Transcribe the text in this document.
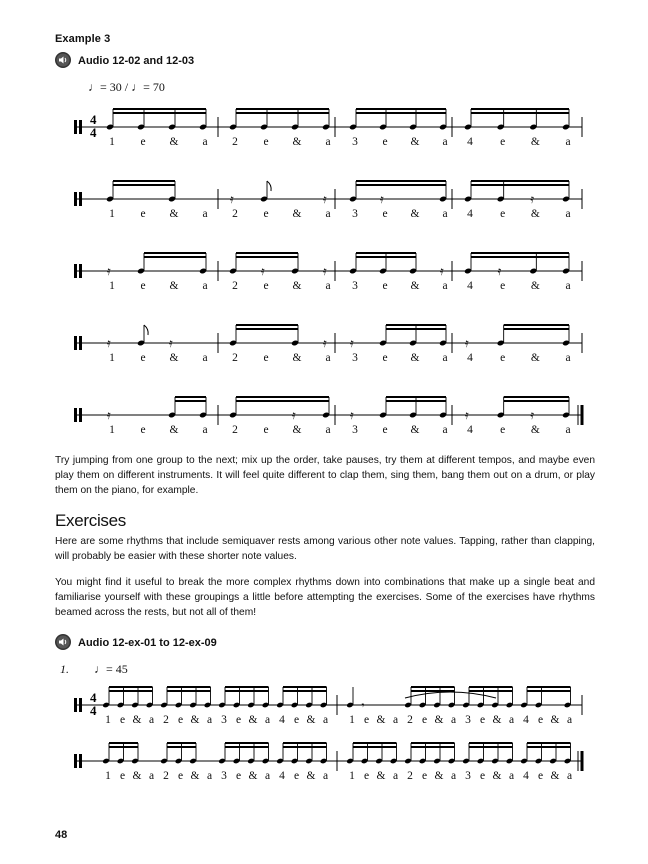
Example 3
Audio 12-02 and 12-03
♩= 30 / ♩= 70
4
4
1 e & a 2 e & a 3 e & a 4 e & a
𝄿	𝄿	𝄿	𝄿
1 e & a 2 e & a 3 e & a 4 e & a
𝄿	𝄿	𝄿	𝄿	𝄿
1 e & a 2 e & a 3 e & a 4 e & a
𝄿	𝄿	𝄿 𝄿	𝄿
1 e & a 2 e & a 3 e & a 4 e & a
𝄿	𝄿	𝄿	𝄿	𝄿
1 e & a 2 e & a 3 e & a 4 e & a
4
4	𝄾
1 e & a 2 e & a 3 e & a 4 e & a 1 e & a 2 e & a 3 e & a 4 e & a
1 e & a 2 e & a 3 e & a 4 e & a 1 e & a 2 e & a 3 e & a 4 e & a
Try jumping from one group to the next; mix up the order, take pauses, try them at different tempos, and maybe even play them on different instruments. It will feel quite different to clap them, sing them, bang them out on a drum, or play them on the piano, for example.
Exercises
Here are some rhythms that include semiquaver rests among various other note values. Tapping, rather than clapping, will probably be easier with these shorter note values.
You might find it useful to break the more complex rhythms down into combinations that make up a single beat and familiarise yourself with these groupings a little before attempting the exercises. Some of the exercises have rhythms beamed across the rests, but not all of them!
Audio 12-ex-01 to 12-ex-09
1. ♩= 45
48
